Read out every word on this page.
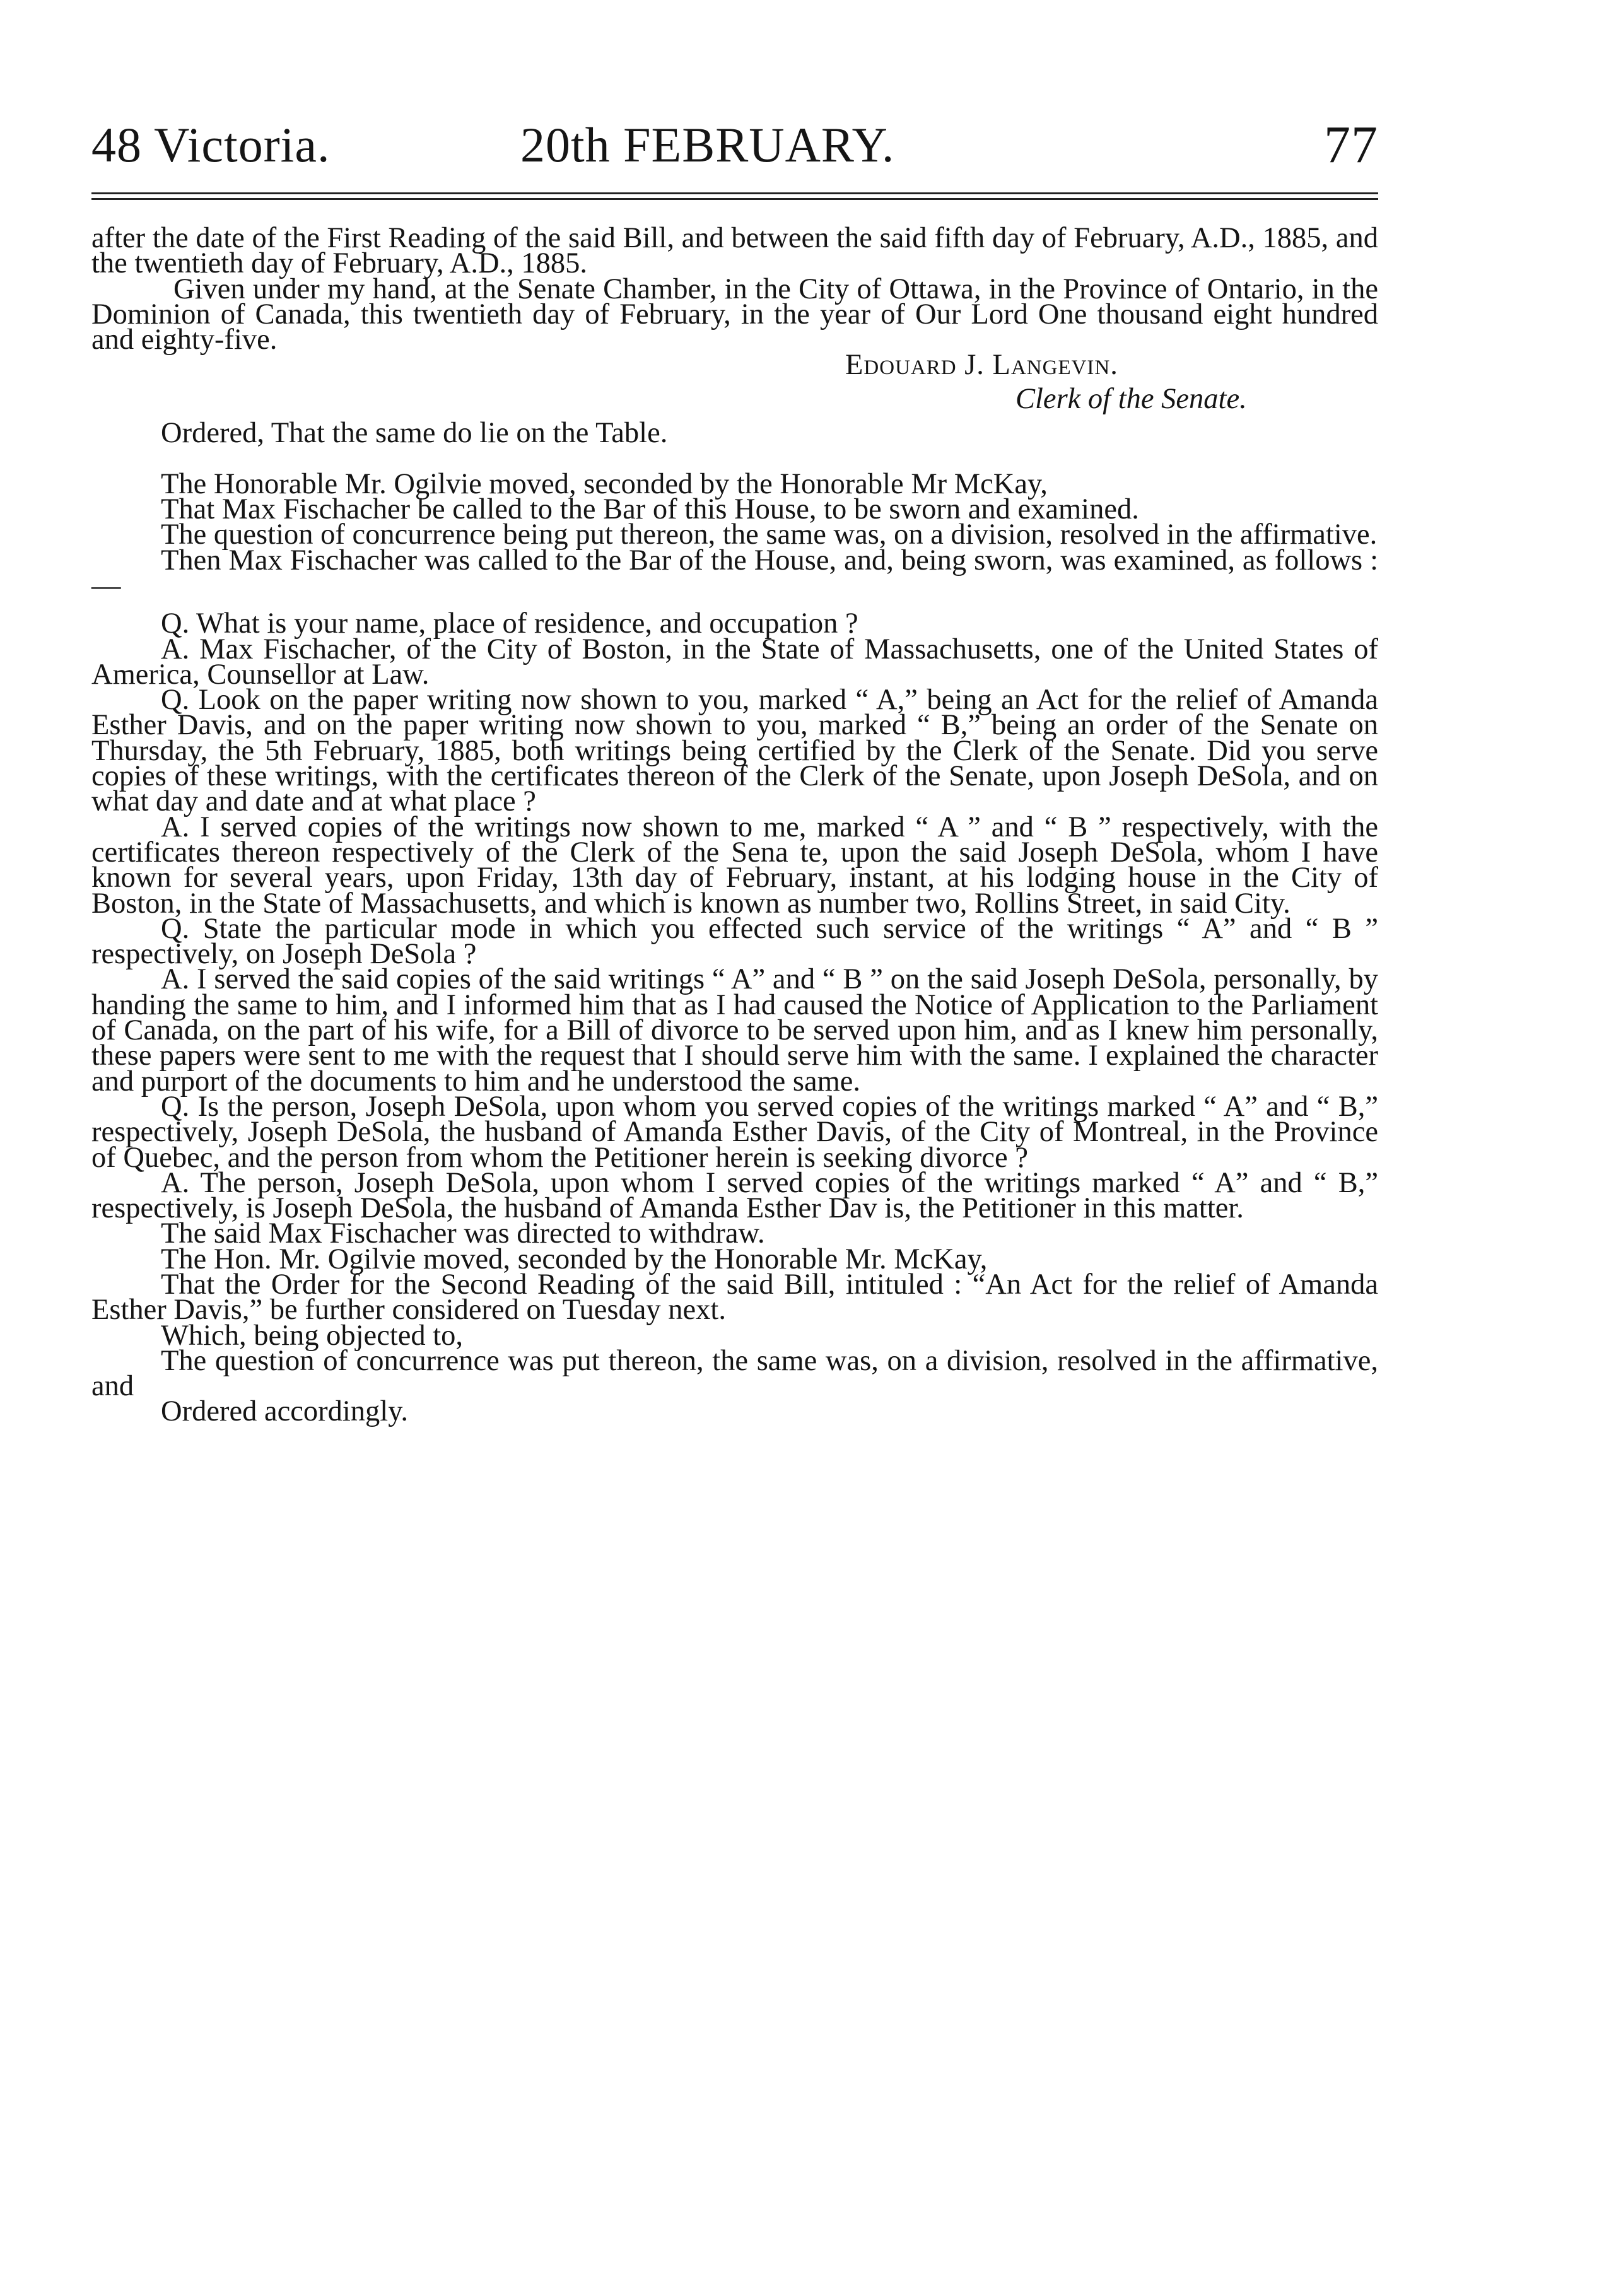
48 Victoria.	20th FEBRUARY.	77

after the date of the First Reading of the said Bill, and between the said fifth day of February, A.D., 1885, and the twentieth day of February, A.D., 1885.

Given under my hand, at the Senate Chamber, in the City of Ottawa, in the Province of Ontario, in the Dominion of Canada, this twentieth day of February, in the year of Our Lord One thousand eight hundred and eighty-five.

Edouard J. Langevin.
Clerk of the Senate.

Ordered, That the same do lie on the Table.

The Honorable Mr. Ogilvie moved, seconded by the Honorable Mr McKay,

That Max Fischacher be called to the Bar of this House, to be sworn and examined.

The question of concurrence being put thereon, the same was, on a division, resolved in the affirmative.

Then Max Fischacher was called to the Bar of the House, and, being sworn, was examined, as follows :—

Q. What is your name, place of residence, and occupation ?

A. Max Fischacher, of the City of Boston, in the State of Massachusetts, one of the United States of America, Counsellor at Law.

Q. Look on the paper writing now shown to you, marked “ A,” being an Act for the relief of Amanda Esther Davis, and on the paper writing now shown to you, marked “ B,” being an order of the Senate on Thursday, the 5th February, 1885, both writings being certified by the Clerk of the Senate. Did you serve copies of these writings, with the certificates thereon of the Clerk of the Senate, upon Joseph DeSola, and on what day and date and at what place ?

A. I served copies of the writings now shown to me, marked “ A ” and “ B ” respectively, with the certificates thereon respectively of the Clerk of the Sena te, upon the said Joseph DeSola, whom I have known for several years, upon Friday, 13th day of February, instant, at his lodging house in the City of Boston, in the State of Massachusetts, and which is known as number two, Rollins Street, in said City.

Q. State the particular mode in which you effected such service of the writings “ A” and “ B ” respectively, on Joseph DeSola ?

A. I served the said copies of the said writings “ A” and “ B ” on the said Joseph DeSola, personally, by handing the same to him, and I informed him that as I had caused the Notice of Application to the Parliament of Canada, on the part of his wife, for a Bill of divorce to be served upon him, and as I knew him personally, these papers were sent to me with the request that I should serve him with the same. I explained the character and purport of the documents to him and he understood the same.

Q. Is the person, Joseph DeSola, upon whom you served copies of the writings marked “ A” and “ B,” respectively, Joseph DeSola, the husband of Amanda Esther Davis, of the City of Montreal, in the Province of Quebec, and the person from whom the Petitioner herein is seeking divorce ?

A. The person, Joseph DeSola, upon whom I served copies of the writings marked “ A” and “ B,” respectively, is Joseph DeSola, the husband of Amanda Esther Dav is, the Petitioner in this matter.

The said Max Fischacher was directed to withdraw.

The Hon. Mr. Ogilvie moved, seconded by the Honorable Mr. McKay,

That the Order for the Second Reading of the said Bill, intituled : “An Act for the relief of Amanda Esther Davis,” be further considered on Tuesday next.

Which, being objected to,

The question of concurrence was put thereon, the same was, on a division, resolved in the affirmative, and

Ordered accordingly.
